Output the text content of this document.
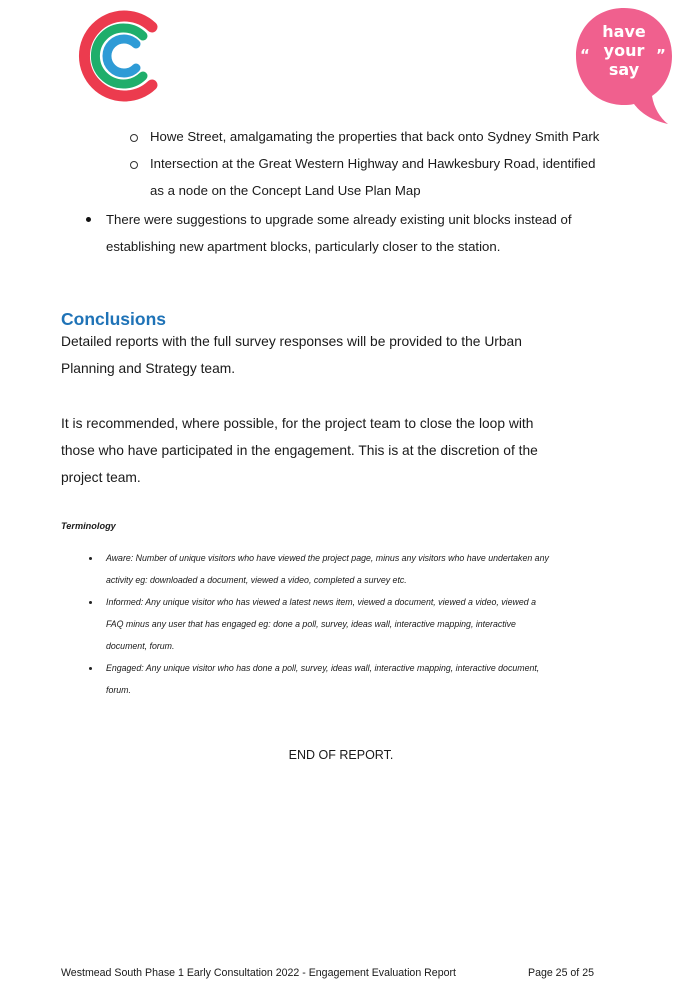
“	”
have
your
say
Howe Street, amalgamating the properties that back onto Sydney Smith Park
Intersection at the Great Western Highway and Hawkesbury Road, identified
as a node on the Concept Land Use Plan Map
There were suggestions to upgrade some already existing unit blocks instead of
establishing new apartment blocks, particularly closer to the station.
Conclusions
Detailed reports with the full survey responses will be provided to the Urban
Planning and Strategy team.
It is recommended, where possible, for the project team to close the loop with
those who have participated in the engagement. This is at the discretion of the
project team.
Terminology
Aware: Number of unique visitors who have viewed the project page, minus any visitors who have undertaken any
activity eg: downloaded a document, viewed a video, completed a survey etc.
Informed: Any unique visitor who has viewed a latest news item, viewed a document, viewed a video, viewed a
FAQ minus any user that has engaged eg: done a poll, survey, ideas wall, interactive mapping, interactive
document, forum.
Engaged: Any unique visitor who has done a poll, survey, ideas wall, interactive mapping, interactive document,
forum.
END OF REPORT.
Westmead South Phase 1 Early Consultation 2022 - Engagement Evaluation Report	Page 25 of 25
